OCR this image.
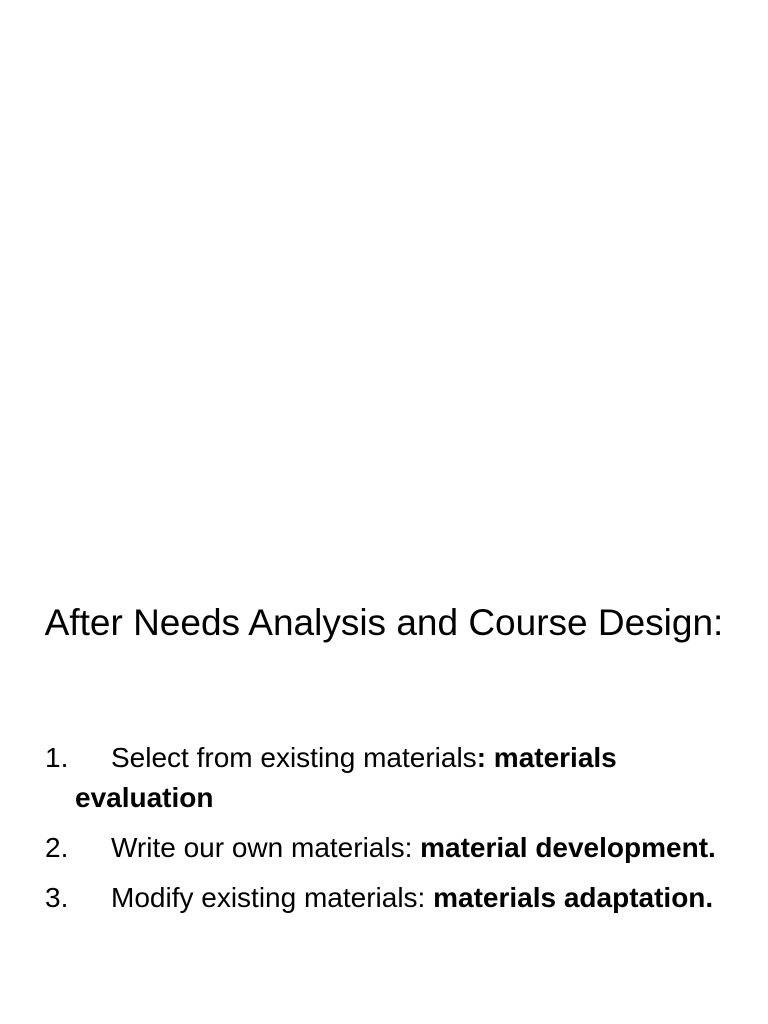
After Needs Analysis and Course Design:
1. Select from existing materials: materials evaluation
2. Write our own materials: material development.
3. Modify existing materials: materials adaptation.
